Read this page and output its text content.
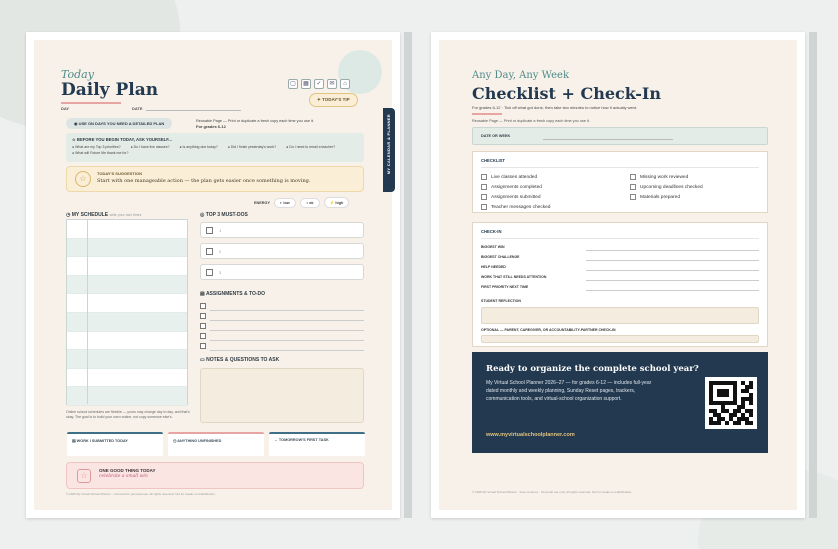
MY CALENDAR & PLANNER
Today
Daily Plan
DAY	DATE
▢	▦	✓	✉	⌂
✦ TODAY'S TIP
◉ USE ON DAYS YOU NEED A DETAILED PLAN	Reusable Page — Print or duplicate a fresh copy each time you use it.
For grades 6-12
☆ BEFORE YOU BEGIN TODAY, ASK YOURSELF...
● What are my Top 3 priorities?	● Do I have live classes?	● Is anything due today?	● Did I finish yesterday's work?	● Do I need to email a teacher?
● What will Future Me thank me for?
☆
TODAY'S SUGGESTION
Start with one manageable action — the plan gets easier once something is moving.
ENERGY	◐ low	◑ ok	⚡ high
◷ MY SCHEDULE write your own times
Online school schedules are flexible — yours may change day to day, and that's okay. The goal is to build your own routine, not copy someone else's.
◎ TOP 3 MUST-DOS
1
2
3
▤ ASSIGNMENTS & TO-DO
▭ NOTES & QUESTIONS TO ASK
▤ WORK I SUBMITTED TODAY	◷ ANYTHING UNFINISHED	→ TOMORROW'S FIRST TASK
☆
ONE GOOD THING TODAY
celebrate a small win
© 2026 My Virtual School Planner · Licensed for personal use. All rights reserved. Not for resale or redistribution.
Any Day, Any Week
Checklist + Check-In
For grades 6-12 · Tick off what got done, then take two minutes to notice how it actually went.
Reusable Page — Print or duplicate a fresh copy each time you use it.
DATE OR WEEK
CHECKLIST
Live classes attended
Assignments completed
Assignments submitted
Teacher messages checked
Missing work reviewed
Upcoming deadlines checked
Materials prepared
CHECK-IN
BIGGEST WIN
BIGGEST CHALLENGE
HELP NEEDED
WORK THAT STILL NEEDS ATTENTION
FIRST PRIORITY NEXT TIME
STUDENT REFLECTION
OPTIONAL — PARENT, CAREGIVER, OR ACCOUNTABILITY-PARTNER CHECK-IN
Ready to organize the complete school year?
My Virtual School Planner 2026–27 — for grades 6-12 — includes full-year dated monthly and weekly planning, Sunday Reset pages, trackers, communication tools, and virtual-school organization support.
www.myvirtualschoolplanner.com
© 2026 My Virtual School Planner · Free resource · Personal use only. All rights reserved. Not for resale or redistribution.
